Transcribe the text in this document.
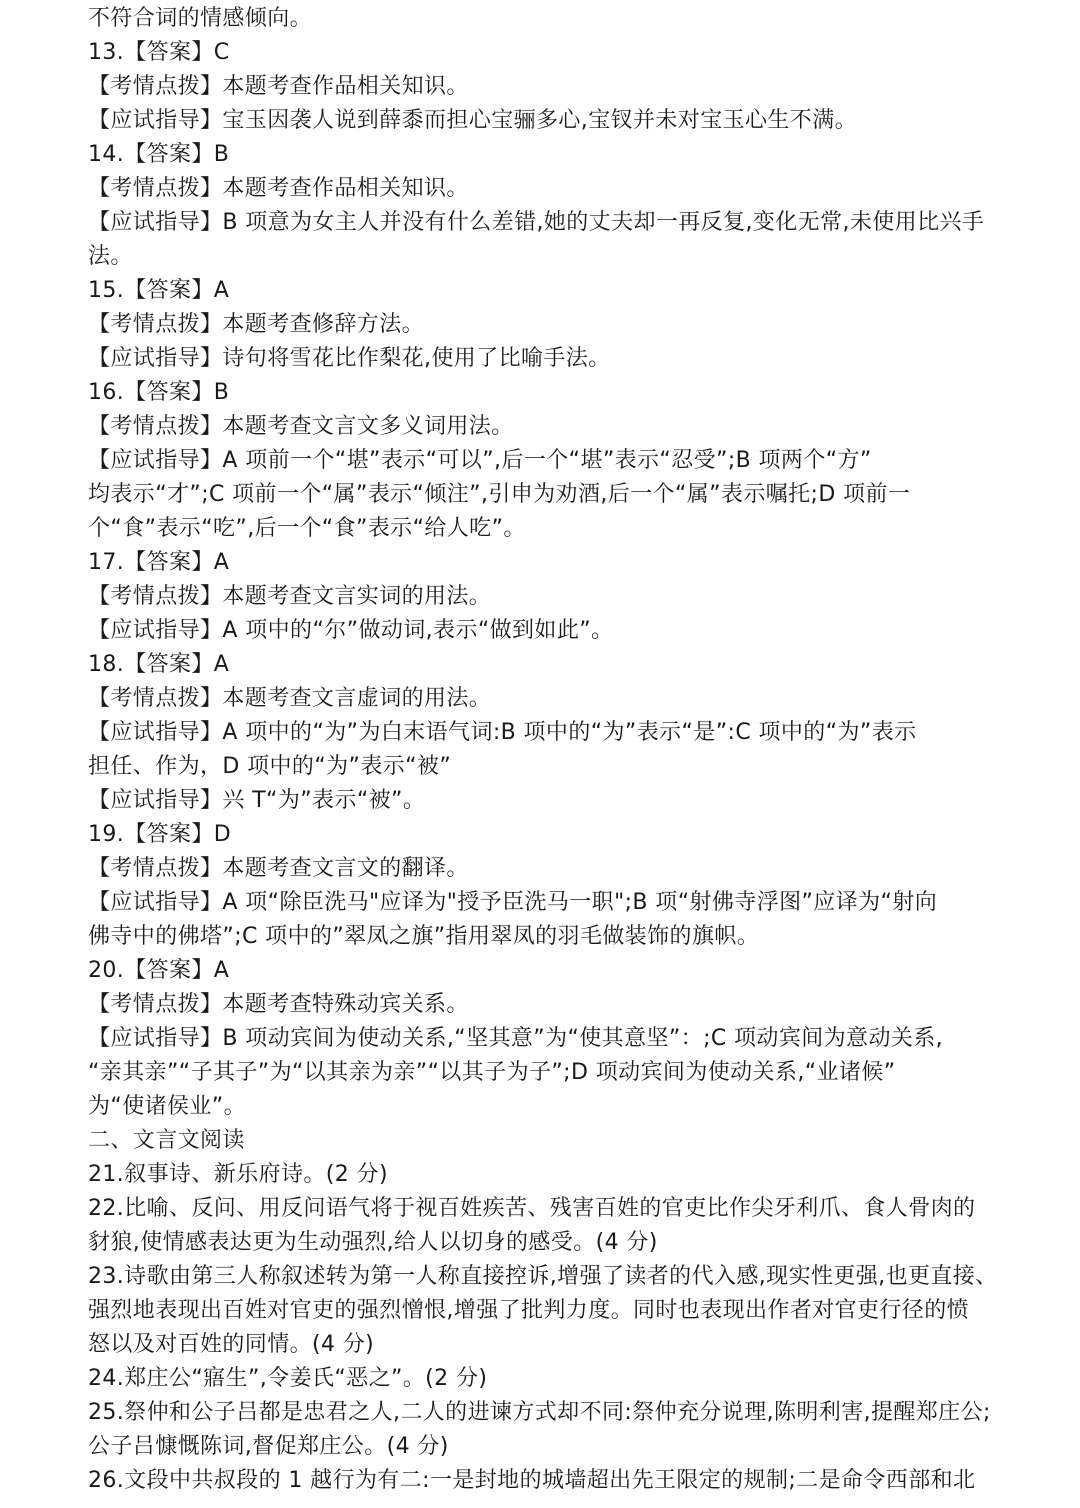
不符合词的情感倾向。
13.【答案】C
【考情点拨】本题考查作品相关知识。
【应试指导】宝玉因袭人说到薛黍而担心宝骊多心,宝钗并未对宝玉心生不满。
14.【答案】B
【考情点拨】本题考查作品相关知识。
【应试指导】B 项意为女主人并没有什么差错,她的丈夫却一再反复,变化无常,未使用比兴手
法。
15.【答案】A
【考情点拨】本题考查修辞方法。
【应试指导】诗句将雪花比作梨花,使用了比喻手法。
16.【答案】B
【考情点拨】本题考查文言文多义词用法。
【应试指导】A 项前一个“堪”表示“可以”,后一个“堪”表示“忍受”;B 项两个“方”
均表示“才”;C 项前一个“属”表示“倾注”,引申为劝酒,后一个“属”表示嘱托;D 项前一
个“食”表示“吃”,后一个“食”表示“给人吃”。
17.【答案】A
【考情点拨】本题考查文言实词的用法。
【应试指导】A 项中的“尔”做动词,表示“做到如此”。
18.【答案】A
【考情点拨】本题考查文言虚词的用法。
【应试指导】A 项中的“为”为白末语气词:B 项中的“为”表示“是”:C 项中的“为”表示
担任、作为，D 项中的“为”表示“被”
【应试指导】兴 T“为”表示“被”。
19.【答案】D
【考情点拨】本题考查文言文的翻译。
【应试指导】A 项“除臣洗马"应译为"授予臣洗马一职";B 项“射佛寺浮图”应译为“射向
佛寺中的佛塔”;C 项中的”翠凤之旗”指用翠凤的羽毛做装饰的旗帜。
20.【答案】A
【考情点拨】本题考查特殊动宾关系。
【应试指导】B 项动宾间为使动关系,“坚其意”为“使其意坚”：;C 项动宾间为意动关系,
“亲其亲”“子其子”为“以其亲为亲”“以其子为子”;D 项动宾间为使动关系,“业诸候”
为“使诸侯业”。
二、文言文阅读
21.叙事诗、新乐府诗。(2 分)
22.比喻、反问、用反问语气将于视百姓疾苦、残害百姓的官吏比作尖牙利爪、食人骨肉的
豺狼,使情感表达更为生动强烈,给人以切身的感受。(4 分)
23.诗歌由第三人称叙述转为第一人称直接控诉,增强了读者的代入感,现实性更强,也更直接、
强烈地表现出百姓对官吏的强烈憎恨,增强了批判力度。同时也表现出作者对官吏行径的愤
怒以及对百姓的同情。(4 分)
24.郑庄公“寤生”,令姜氏“恶之”。(2 分)
25.祭仲和公子吕都是忠君之人,二人的进谏方式却不同:祭仲充分说理,陈明利害,提醒郑庄公;
公子吕慷慨陈词,督促郑庄公。(4 分)
26.文段中共叔段的 1 越行为有二:一是封地的城墙超出先王限定的规制;二是命令西部和北
